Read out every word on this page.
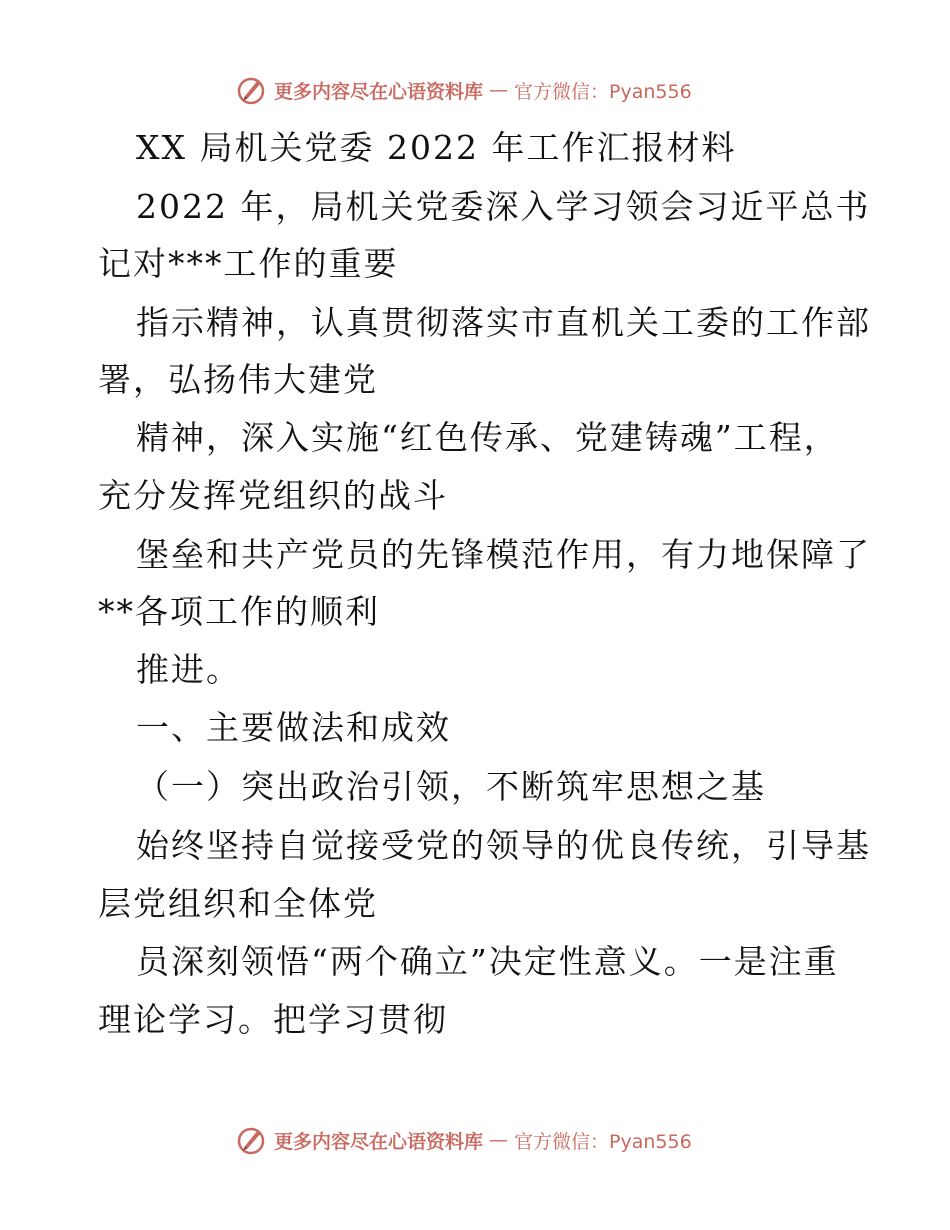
更多内容尽在心语资料库 — 官方微信：Pyan556
XX 局机关党委 2022 年工作汇报材料
2022 年，局机关党委深入学习领会习近平总书
记对***工作的重要
指示精神，认真贯彻落实市直机关工委的工作部
署，弘扬伟大建党
精神，深入实施“红色传承、党建铸魂”工程，
充分发挥党组织的战斗
堡垒和共产党员的先锋模范作用，有力地保障了
**各项工作的顺利
推进。
一、主要做法和成效
（一）突出政治引领，不断筑牢思想之基
始终坚持自觉接受党的领导的优良传统，引导基
层党组织和全体党
员深刻领悟“两个确立”决定性意义。一是注重
理论学习。把学习贯彻
更多内容尽在心语资料库 — 官方微信：Pyan556
